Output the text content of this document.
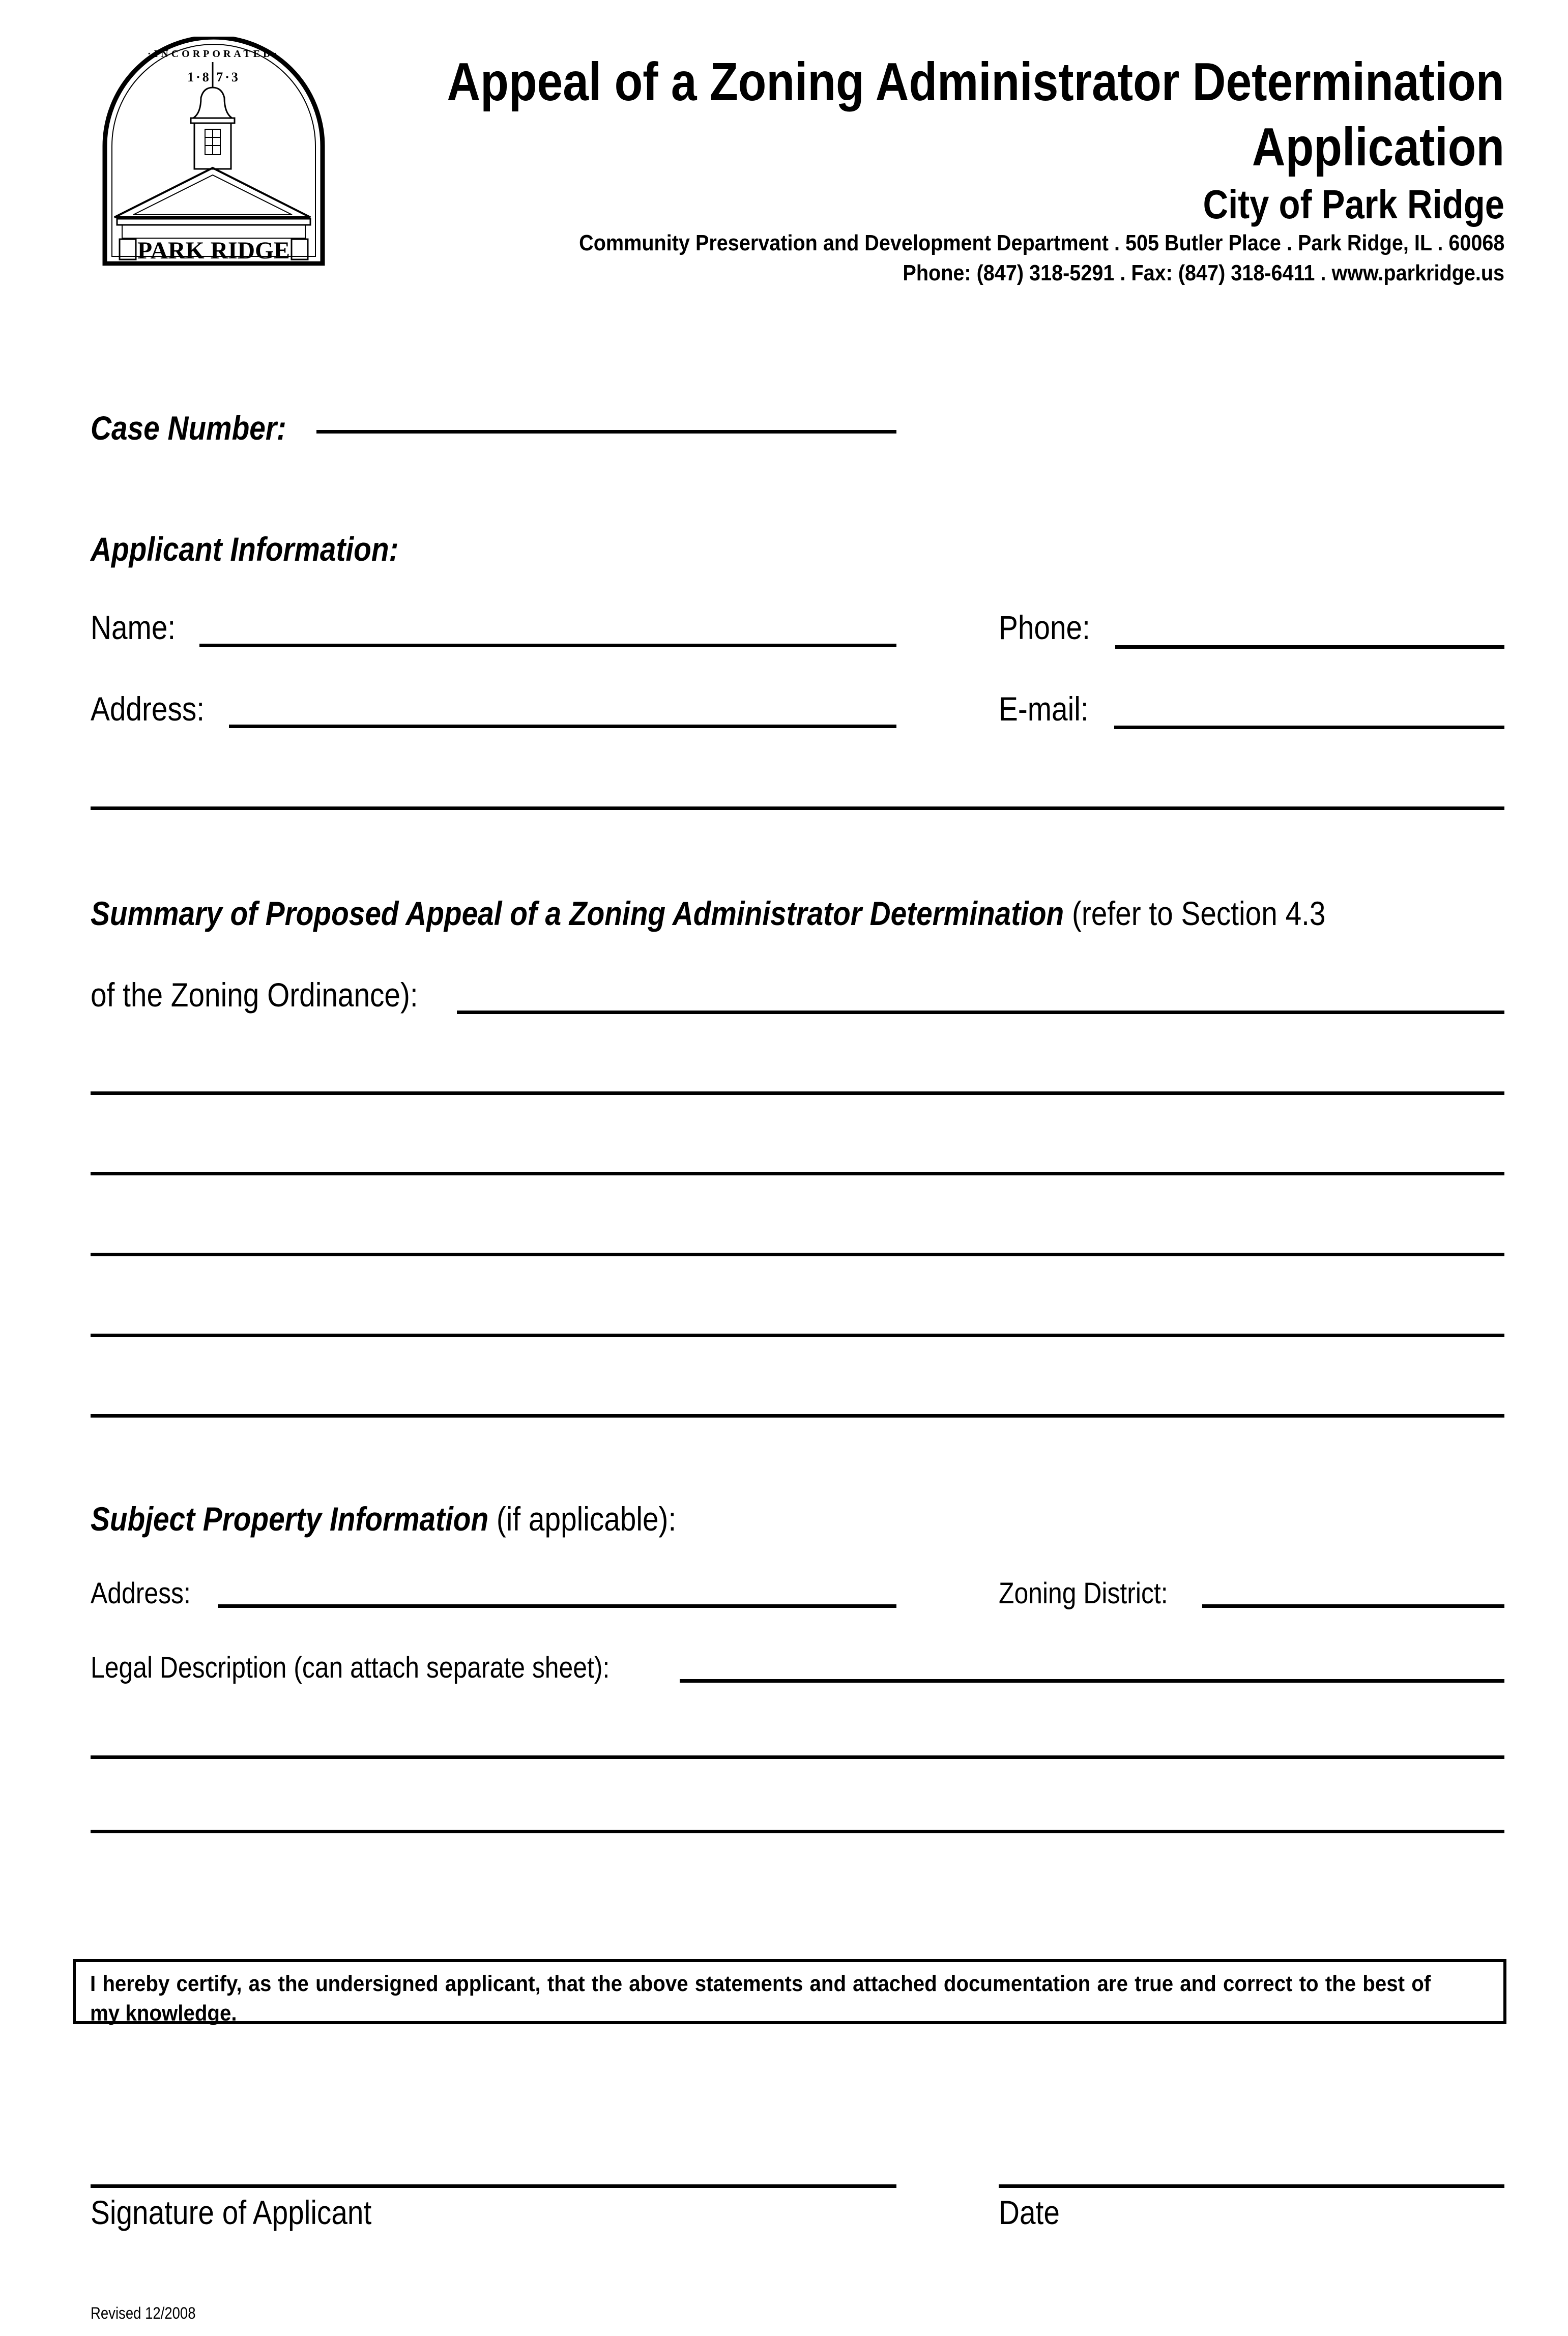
·INCORPORATED·
1·8 7·3
PARK RIDGE
Appeal of a Zoning Administrator Determination
Application
City of Park Ridge
Community Preservation and Development Department . 505 Butler Place . Park Ridge, IL . 60068
Phone: (847) 318-5291 . Fax: (847) 318-6411 . www.parkridge.us
Case Number:
Applicant Information:
Name:	Phone:
Address:	E-mail:
Summary of Proposed Appeal of a Zoning Administrator Determination (refer to Section 4.3
of the Zoning Ordinance):
Subject Property Information (if applicable):
Address:	Zoning District:
Legal Description (can attach separate sheet):
I hereby certify, as the undersigned applicant, that the above statements and attached documentation are true and correct to the best of my knowledge.
Signature of Applicant	Date
Revised 12/2008
